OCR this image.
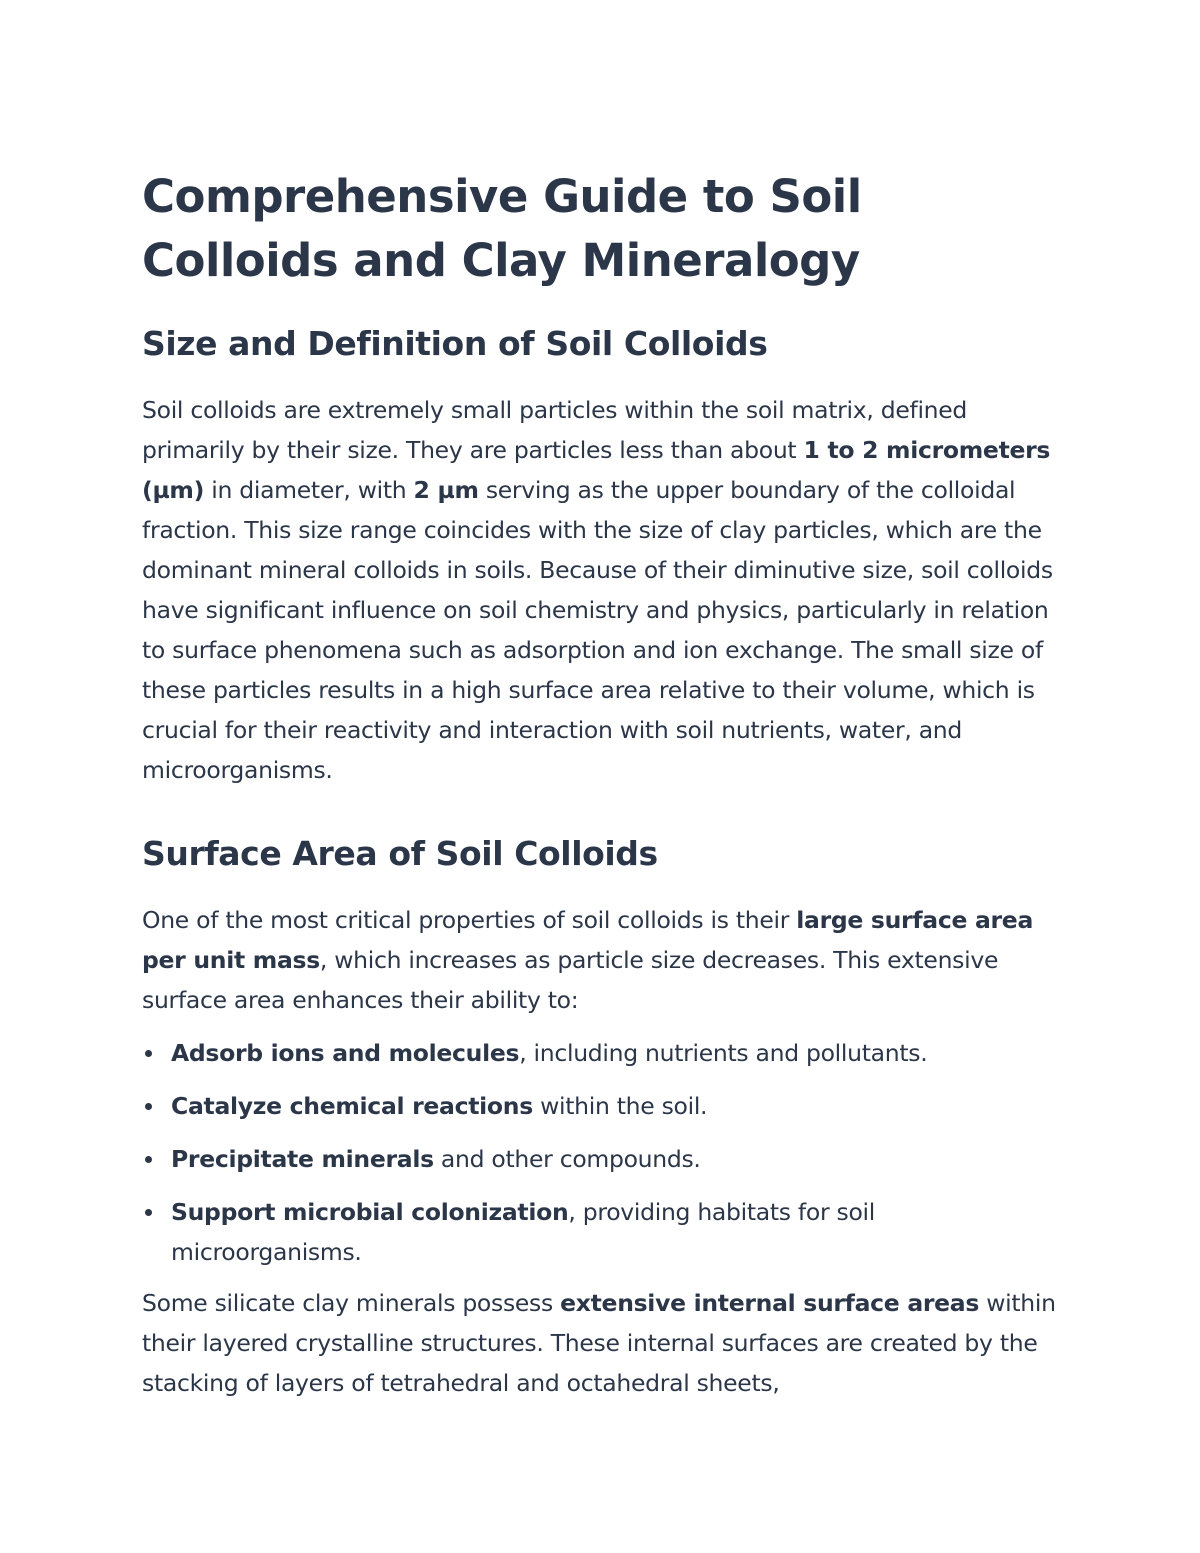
Comprehensive Guide to Soil Colloids and Clay Mineralogy
Size and Definition of Soil Colloids

Soil colloids are extremely small particles within the soil matrix, defined primarily by their size. They are particles less than about 1 to 2 micrometers (µm) in diameter, with 2 µm serving as the upper boundary of the colloidal fraction. This size range coincides with the size of clay particles, which are the dominant mineral colloids in soils. Because of their diminutive size, soil colloids have significant influence on soil chemistry and physics, particularly in relation to surface phenomena such as adsorption and ion exchange. The small size of these particles results in a high surface area relative to their volume, which is crucial for their reactivity and interaction with soil nutrients, water, and microorganisms.

Surface Area of Soil Colloids

One of the most critical properties of soil colloids is their large surface area per unit mass, which increases as particle size decreases. This extensive surface area enhances their ability to:

Adsorb ions and molecules, including nutrients and pollutants.
Catalyze chemical reactions within the soil.
Precipitate minerals and other compounds.
Support microbial colonization, providing habitats for soil microorganisms.

Some silicate clay minerals possess extensive internal surface areas within their layered crystalline structures. These internal surfaces are created by the stacking of layers of tetrahedral and octahedral sheets,
